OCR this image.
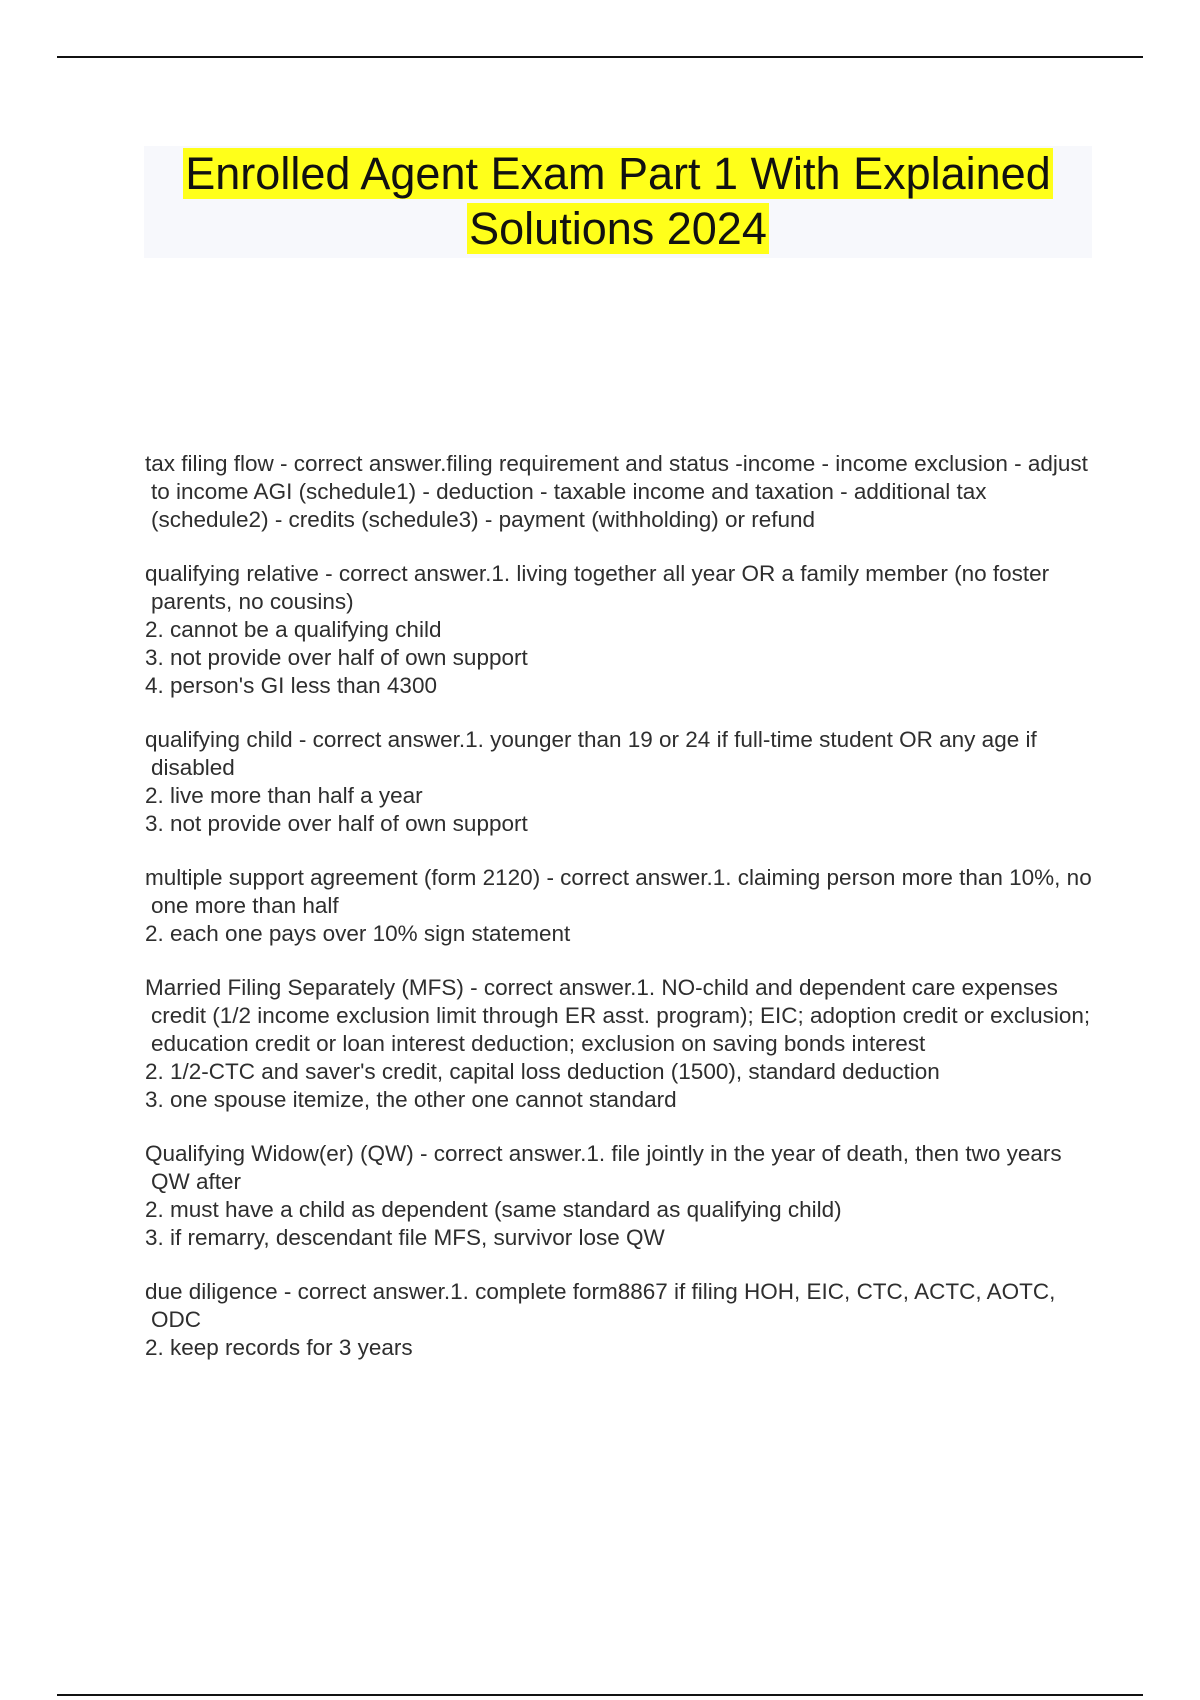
Enrolled Agent Exam Part 1 With Explained
Solutions 2024

tax filing flow - correct answer.filing requirement and status -income - income exclusion - adjust to income AGI (schedule1) - deduction - taxable income and taxation - additional tax (schedule2) - credits (schedule3) - payment (withholding) or refund

qualifying relative - correct answer.1. living together all year OR a family member (no foster parents, no cousins)

2. cannot be a qualifying child

3. not provide over half of own support

4. person's GI less than 4300

qualifying child - correct answer.1. younger than 19 or 24 if full-time student OR any age if disabled

2. live more than half a year

3. not provide over half of own support

multiple support agreement (form 2120) - correct answer.1. claiming person more than 10%, no one more than half

2. each one pays over 10% sign statement

Married Filing Separately (MFS) - correct answer.1. NO-child and dependent care expenses credit (1/2 income exclusion limit through ER asst. program); EIC; adoption credit or exclusion; education credit or loan interest deduction; exclusion on saving bonds interest

2. 1/2-CTC and saver's credit, capital loss deduction (1500), standard deduction

3. one spouse itemize, the other one cannot standard

Qualifying Widow(er) (QW) - correct answer.1. file jointly in the year of death, then two years QW after

2. must have a child as dependent (same standard as qualifying child)

3. if remarry, descendant file MFS, survivor lose QW

due diligence - correct answer.1. complete form8867 if filing HOH, EIC, CTC, ACTC, AOTC, ODC

2. keep records for 3 years
